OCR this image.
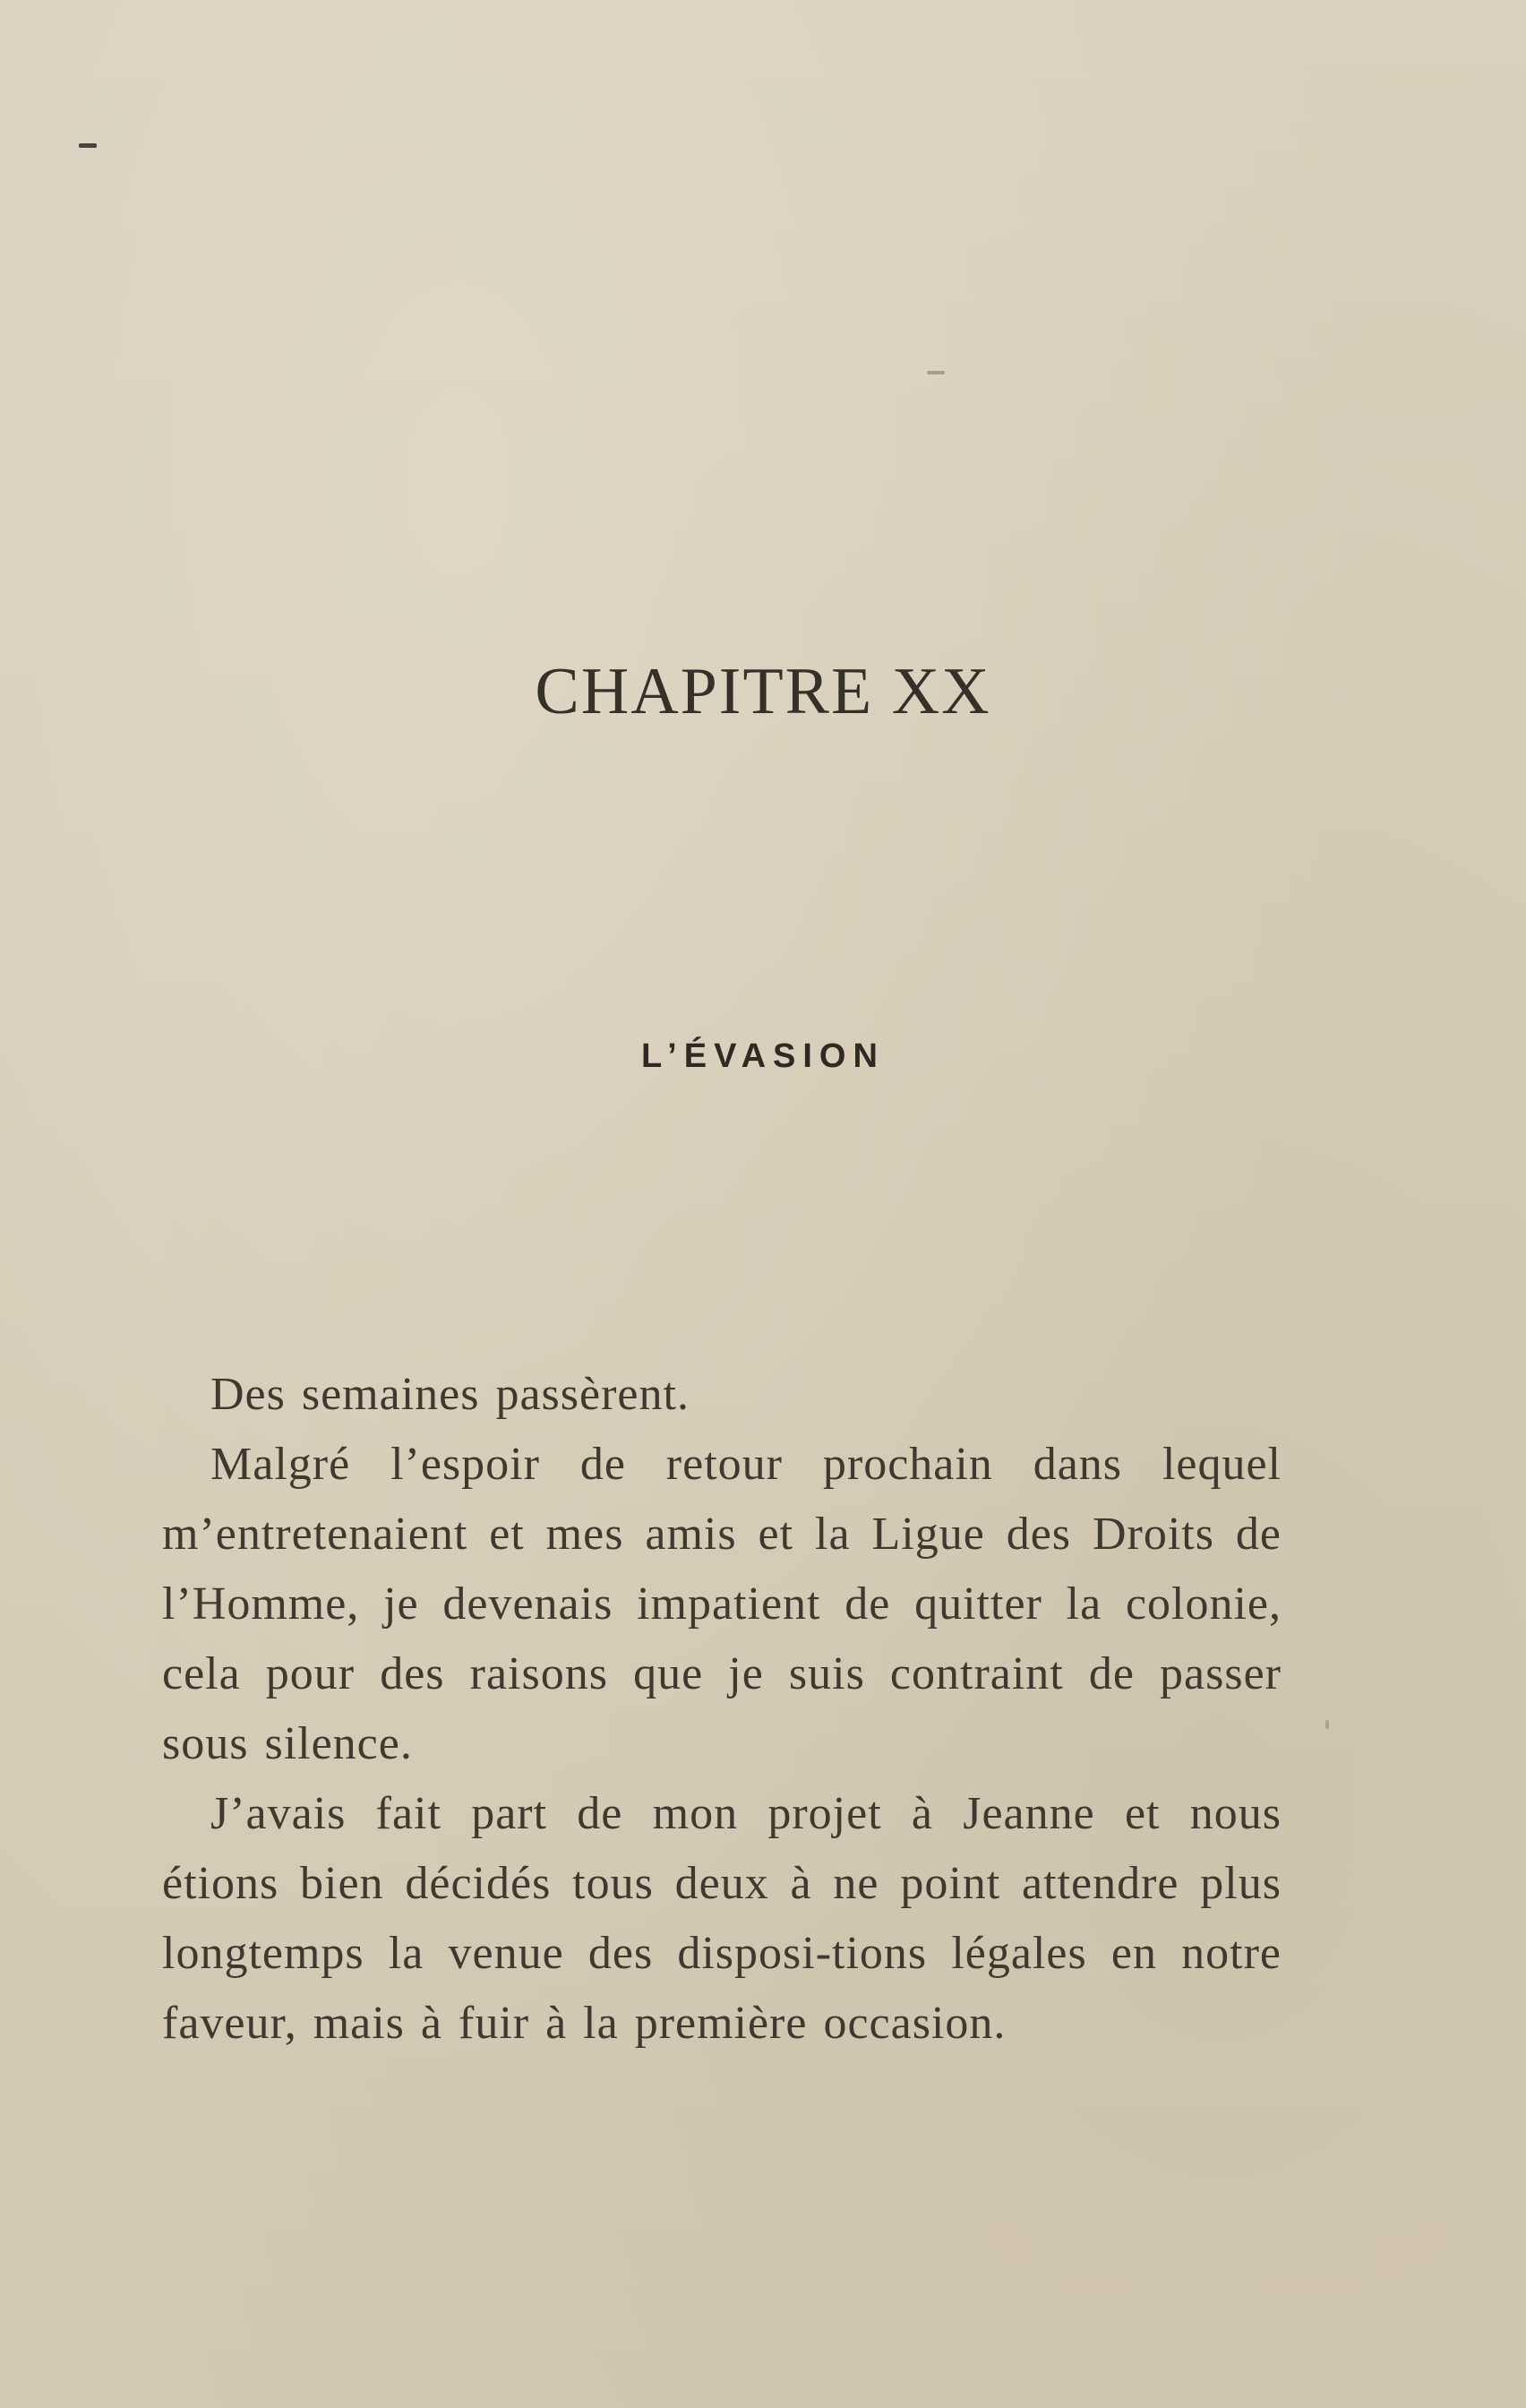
CHAPITRE XX
L’ÉVASION

Des semaines passèrent.

Malgré l’espoir de retour prochain dans lequel m’entretenaient et mes amis et la Ligue des Droits de l’Homme, je devenais impatient de quitter la colonie, cela pour des raisons que je suis contraint de passer sous silence.

J’avais fait part de mon projet à Jeanne et nous étions bien décidés tous deux à ne point attendre plus longtemps la venue des disposi-tions légales en notre faveur, mais à fuir à la première occasion.
